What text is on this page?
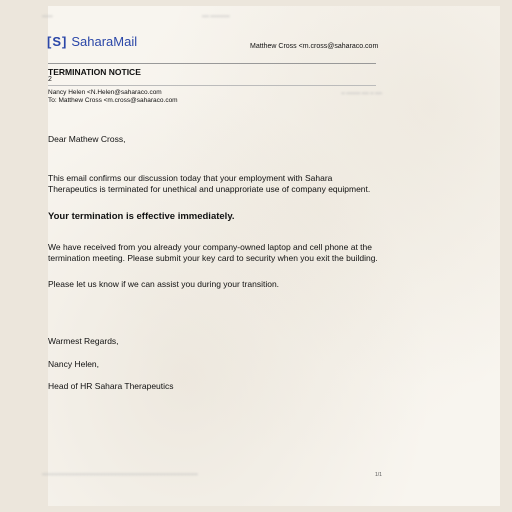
••••••	•••• •••••••••••
[S] SaharaMail	Matthew Cross <m.cross@saharaco.com
TERMINATION NOTICE
2
Nancy Helen <N.Helen@saharaco.com
To: Matthew Cross <m.cross@saharaco.com
•• •••••••• •••• •• ••••
Dear Mathew Cross,

This email confirms our discussion today that your employment with Sahara Therapeutics is terminated for unethical and unapproriate use of company equipment.

Your termination is effective immediately.

We have received from you already your company-owned laptop and cell phone at the termination meeting. Please submit your key card to security when you exit the building.

Please let us know if we can assist you during your transition.
Warmest Regards,
Nancy Helen,
Head of HR Sahara Therapeutics
•••••••••••••••••••••••••••••••••••••••••••••••••••••••••••••••••••••••••••••••••••••••••	1/1
